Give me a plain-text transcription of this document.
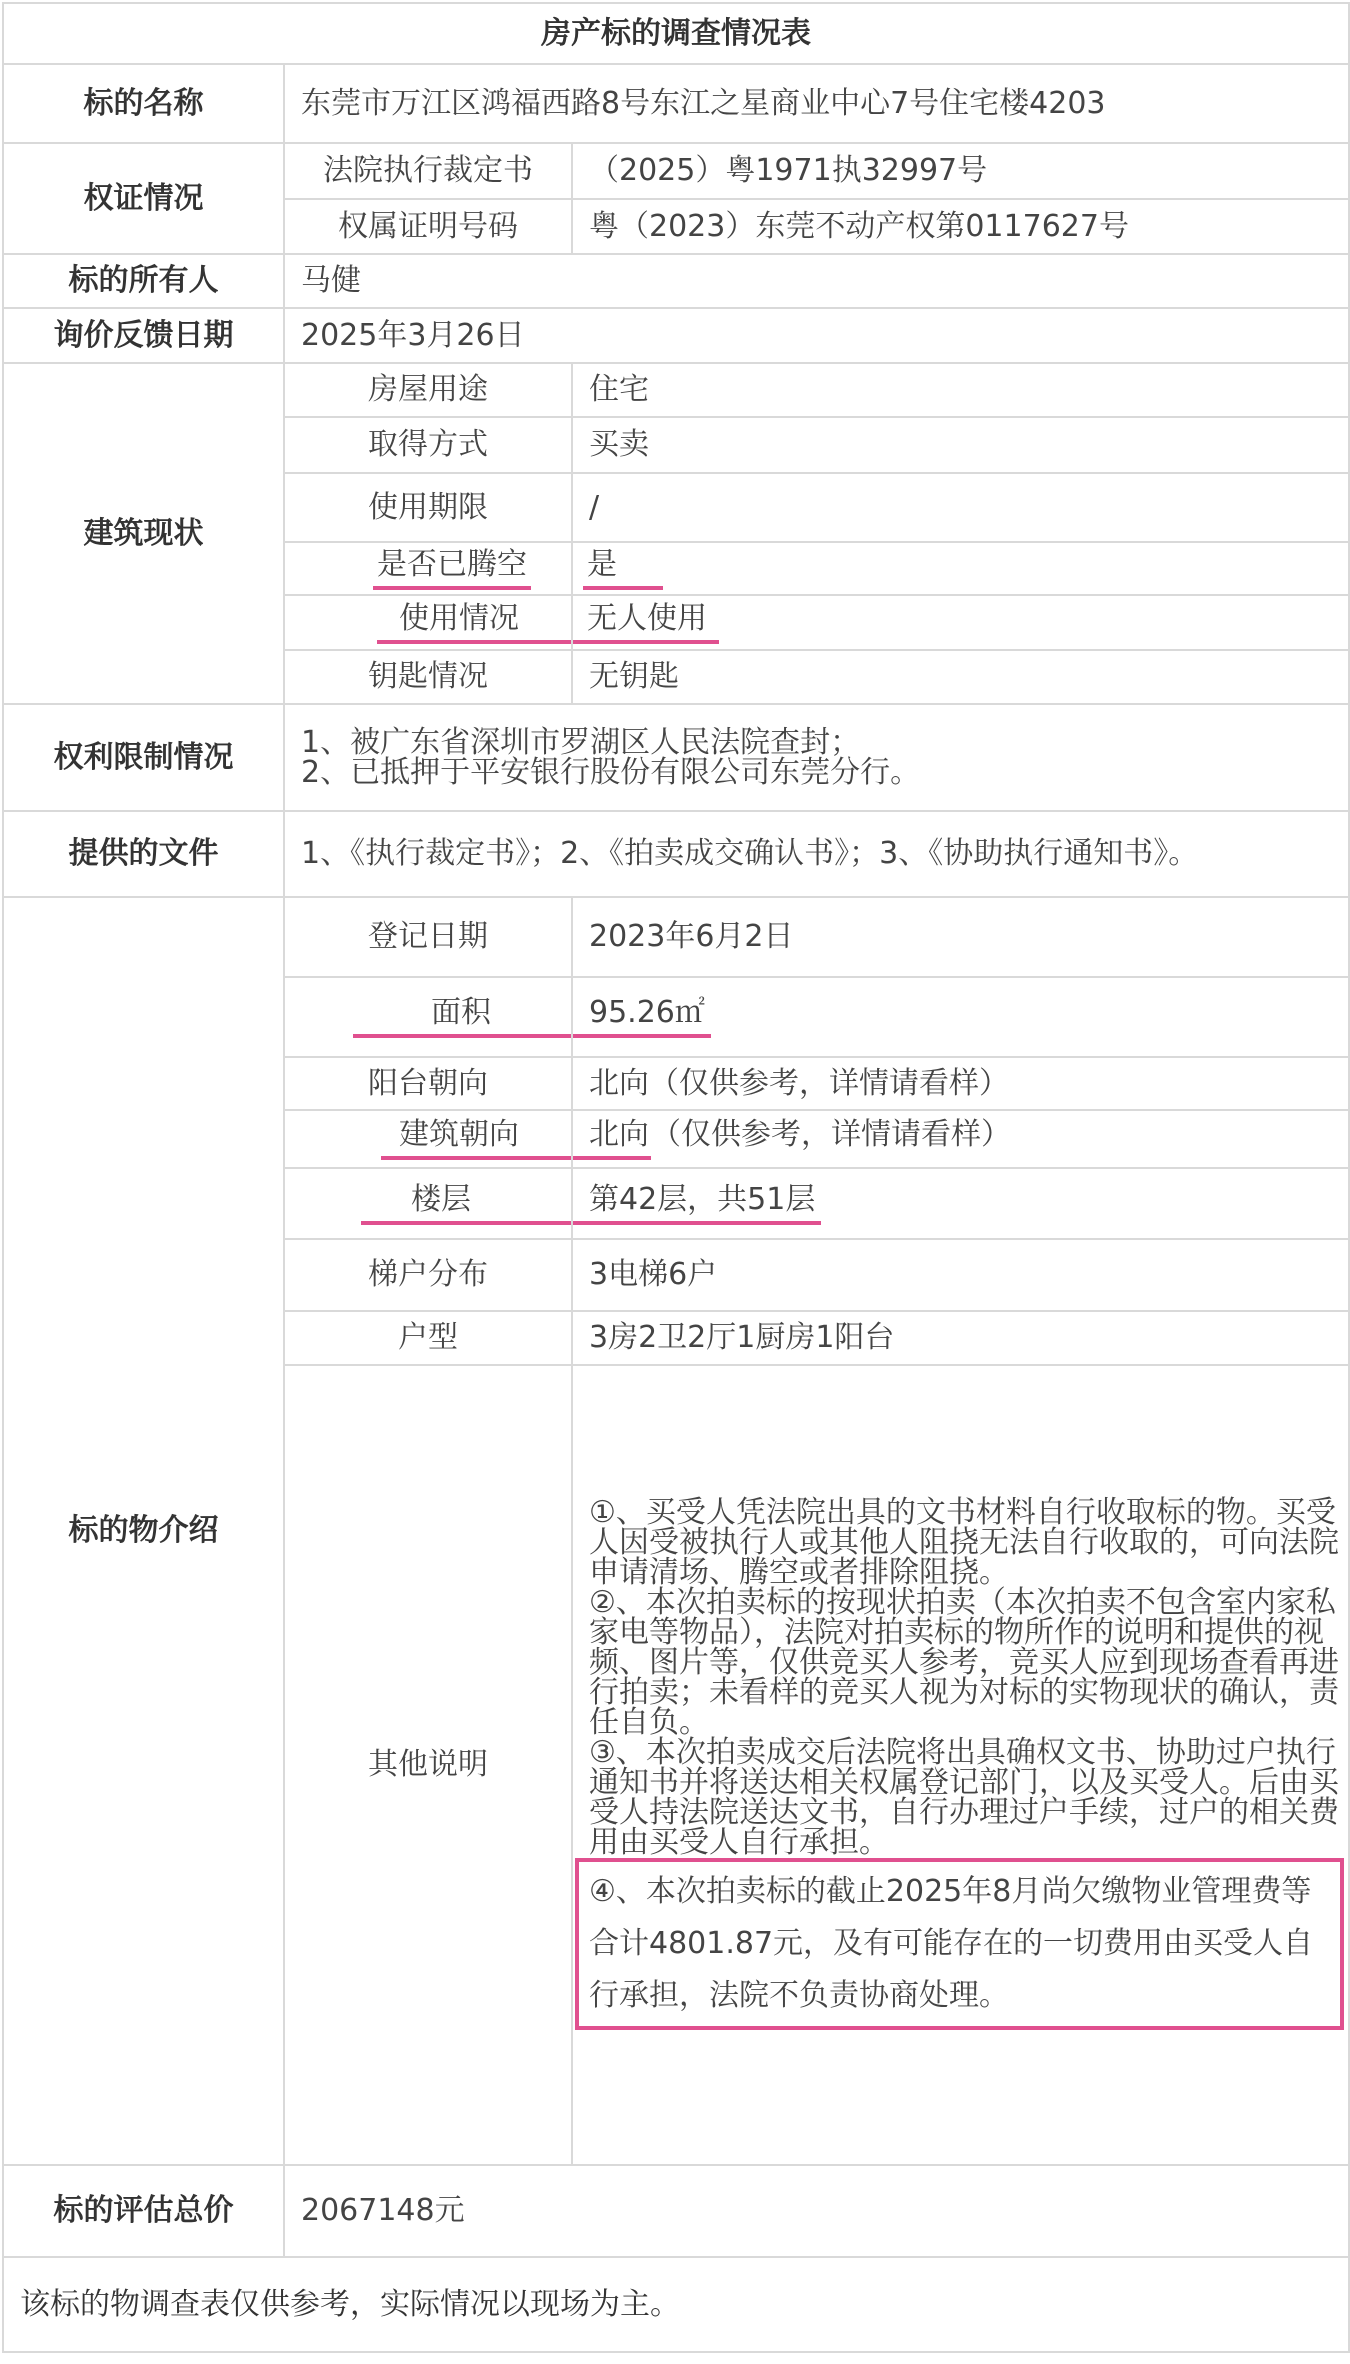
房产标的调查情况表		
标的名称	东莞市万江区鸿福西路8号东江之星商业中心7号住宅楼4203	
权证情况	法院执行裁定书	（2025）粤1971执32997号
	权属证明号码	粤（2023）东莞不动产权第0117627号
标的所有人	马健	
询价反馈日期	2025年3月26日	
建筑现状	房屋用途	住宅
	取得方式	买卖
	使用期限	/
	是否已腾空	是
	使用情况	无人使用
	钥匙情况	无钥匙
权利限制情况	1、被广东省深圳市罗湖区人民法院查封；
2、已抵押于平安银行股份有限公司东莞分行。	

提供的文件	1、《执行裁定书》；2、《拍卖成交确认书》；3、《协助执行通知书》。	
标的物介绍	登记日期	2023年6月2日
	面积	95.26㎡
	阳台朝向	北向（仅供参考，详情请看样）
	建筑朝向	北向（仅供参考，详情请看样）
	楼层	第42层，共51层
	梯户分布	3电梯6户
	户型	3房2卫2厅1厨房1阳台
	其他说明	①、买受人凭法院出具的文书材料自行收取标的物。买受人因受被执行人或其他人阻挠无法自行收取的，可向法院申请清场、腾空或者排除阻挠。
②、本次拍卖标的按现状拍卖（本次拍卖不包含室内家私家电等物品），法院对拍卖标的物所作的说明和提供的视频、图片等，仅供竞买人参考，竞买人应到现场查看再进行拍卖；未看样的竞买人视为对标的实物现状的确认，责任自负。
③、本次拍卖成交后法院将出具确权文书、协助过户执行通知书并将送达相关权属登记部门，以及买受人。后由买受人持法院送达文书，自行办理过户手续，过户的相关费用由买受人自行承担。
④、本次拍卖标的截止2025年8月尚欠缴物业管理费等合计4801.87元，及有可能存在的一切费用由买受人自行承担，法院不负责协商处理。

标的评估总价	2067148元	
该标的物调查表仅供参考，实际情况以现场为主。		
